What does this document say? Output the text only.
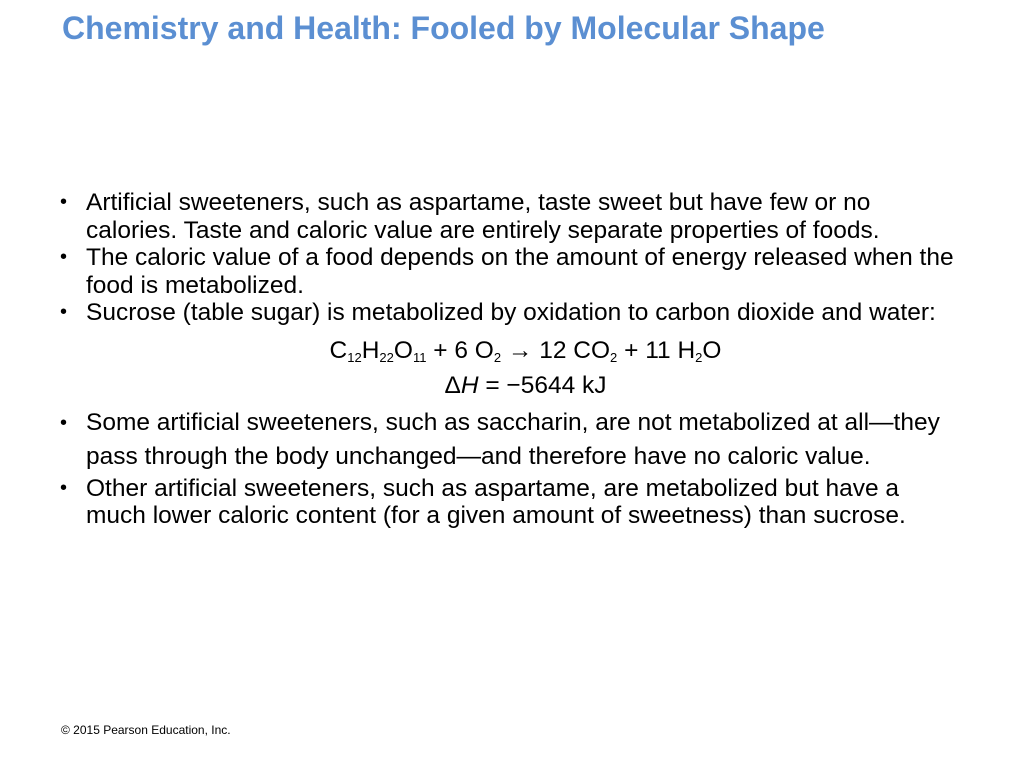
Chemistry and Health: Fooled by Molecular Shape
• Artificial sweeteners, such as aspartame, taste sweet but have few or no calories. Taste and caloric value are entirely separate properties of foods.
• The caloric value of a food depends on the amount of energy released when the food is metabolized.
• Sucrose (table sugar) is metabolized by oxidation to carbon dioxide and water:
$C_{12}H_{22}O_{11} + 6$ $O_2 \to 12$ $CO_2 + 11$ $H_2O$
ΔH = −5644 kJ
• Some artificial sweeteners, such as saccharin, are not metabolized at all—they pass through the body unchanged—and therefore have no caloric value.
• Other artificial sweeteners, such as aspartame, are metabolized but have a much lower caloric content (for a given amount of sweetness) than sucrose.
© 2015 Pearson Education, Inc.
